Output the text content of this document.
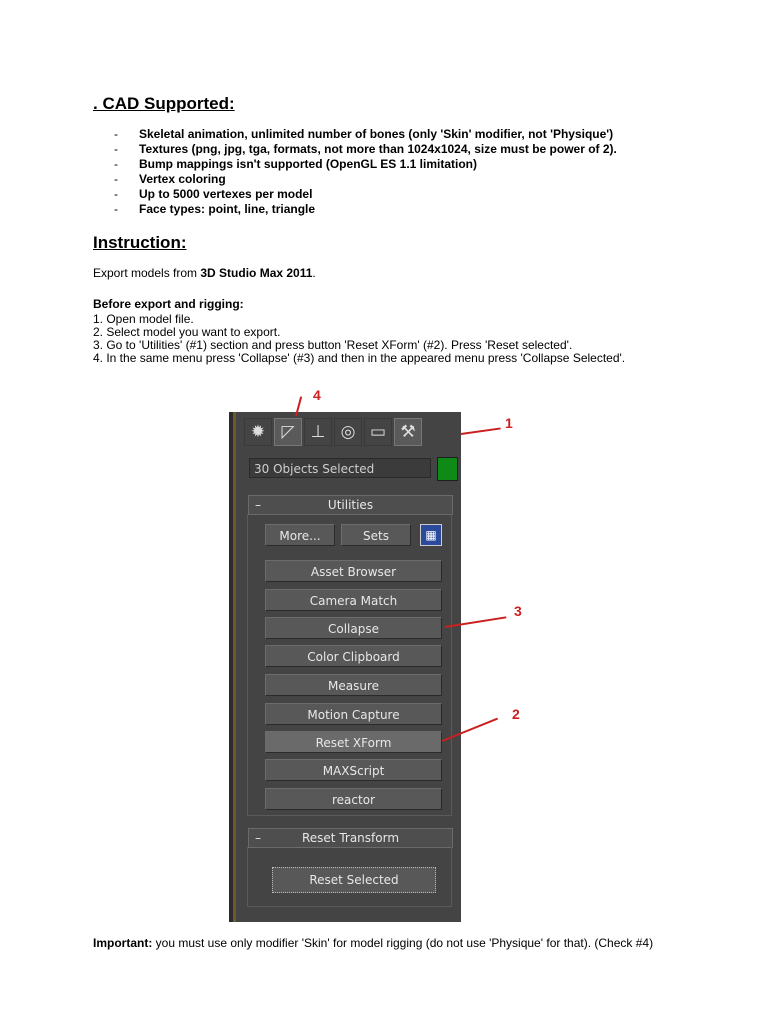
. CAD Supported:
- Skeletal animation, unlimited number of bones (only 'Skin' modifier, not 'Physique')
- Textures (png, jpg, tga, formats, not more than 1024x1024, size must be power of 2).
- Bump mappings isn't supported (OpenGL ES 1.1 limitation)
- Vertex coloring
- Up to 5000 vertexes per model
- Face types: point, line, triangle
Instruction:

Export models from 3D Studio Max 2011.

Before export and rigging:

1. Open model file.
2. Select model you want to export.
3. Go to 'Utilities' (#1) section and press button 'Reset XForm' (#2). Press 'Reset selected'.
4. In the same menu press 'Collapse' (#3) and then in the appeared menu press 'Collapse Selected'.
✹ ◸ ⊥ ◎ ▭ ⚒
30 Objects Selected
–	Utilities
More...	Sets	▦
Asset Browser
Camera Match
Collapse
Color Clipboard
Measure
Motion Capture
Reset XForm
MAXScript
reactor
–	Reset Transform
Reset Selected
4
1
3
2

Important: you must use only modifier 'Skin' for model rigging (do not use 'Physique' for that). (Check #4)
